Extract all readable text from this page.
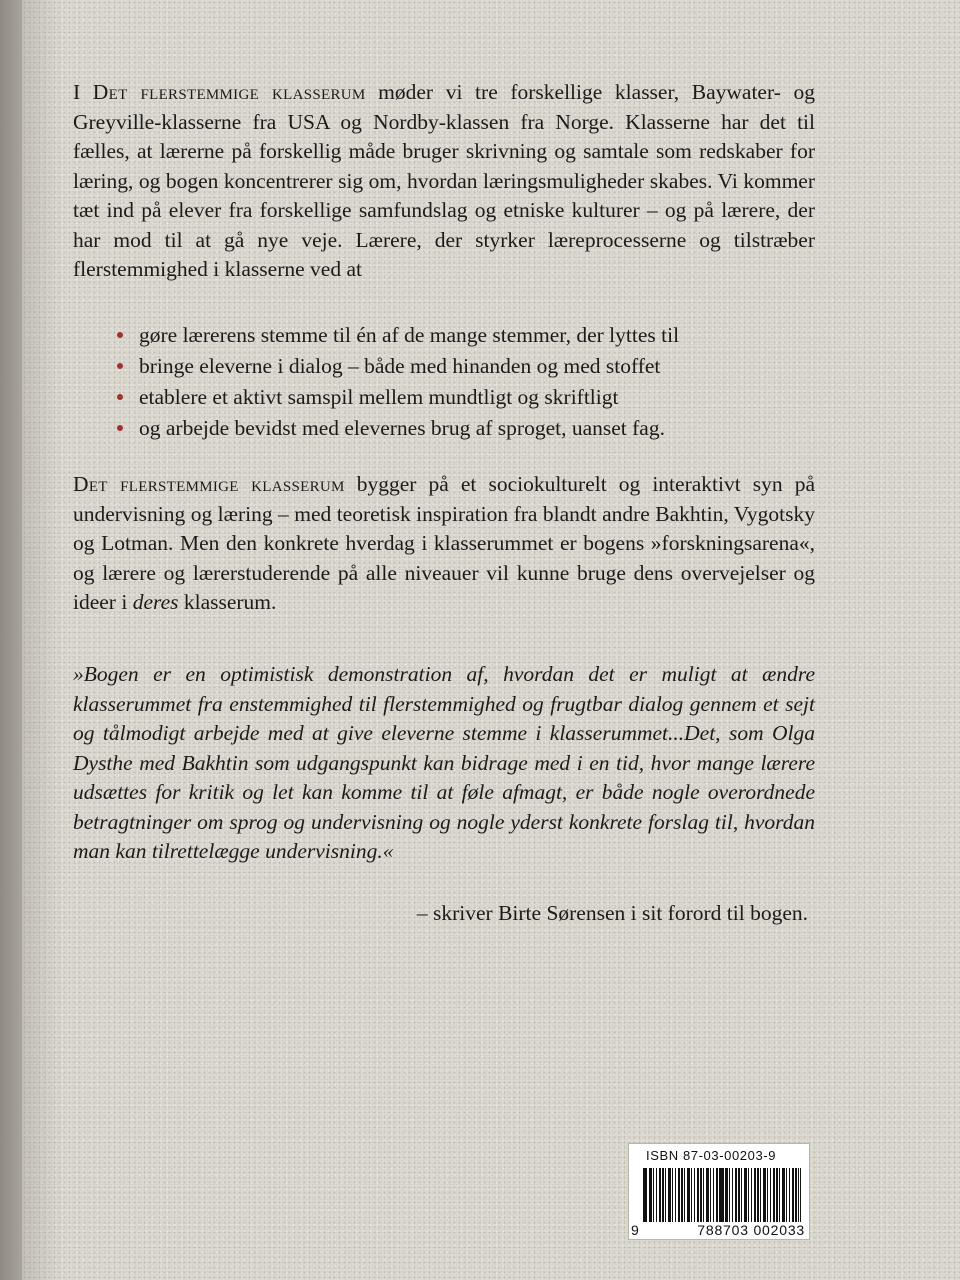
I Det flerstemmige klasserum møder vi tre forskellige klasser, Baywater- og Greyville-klasserne fra USA og Nordby-klassen fra Norge. Klasserne har det til fælles, at lærerne på forskellig måde bruger skrivning og samtale som redskaber for læring, og bogen koncentrerer sig om, hvordan læringsmuligheder skabes. Vi kommer tæt ind på elever fra forskellige samfundslag og etniske kulturer – og på lærere, der har mod til at gå nye veje. Lærere, der styrker læreprocesserne og tilstræber flerstemmighed i klasserne ved at
gøre lærerens stemme til én af de mange stemmer, der lyttes til
bringe eleverne i dialog – både med hinanden og med stoffet
etablere et aktivt samspil mellem mundtligt og skriftligt
og arbejde bevidst med elevernes brug af sproget, uanset fag.
Det flerstemmige klasserum bygger på et sociokulturelt og interaktivt syn på undervisning og læring – med teoretisk inspiration fra blandt andre Bakhtin, Vygotsky og Lotman. Men den konkrete hverdag i klasserummet er bogens »forskningsarena«, og lærere og lærerstuderende på alle niveauer vil kunne bruge dens overvejelser og ideer i deres klasserum.
»Bogen er en optimistisk demonstration af, hvordan det er muligt at ændre klasserummet fra enstemmighed til flerstemmighed og frugtbar dialog gennem et sejt og tålmodigt arbejde med at give eleverne stemme i klasserummet...Det, som Olga Dysthe med Bakhtin som udgangspunkt kan bidrage med i en tid, hvor mange lærere udsættes for kritik og let kan komme til at føle afmagt, er både nogle overordnede betragtninger om sprog og undervisning og nogle yderst konkrete forslag til, hvordan man kan tilrettelægge undervisning.«
– skriver Birte Sørensen i sit forord til bogen.
ISBN 87-03-00203-9
9	788703 002033
